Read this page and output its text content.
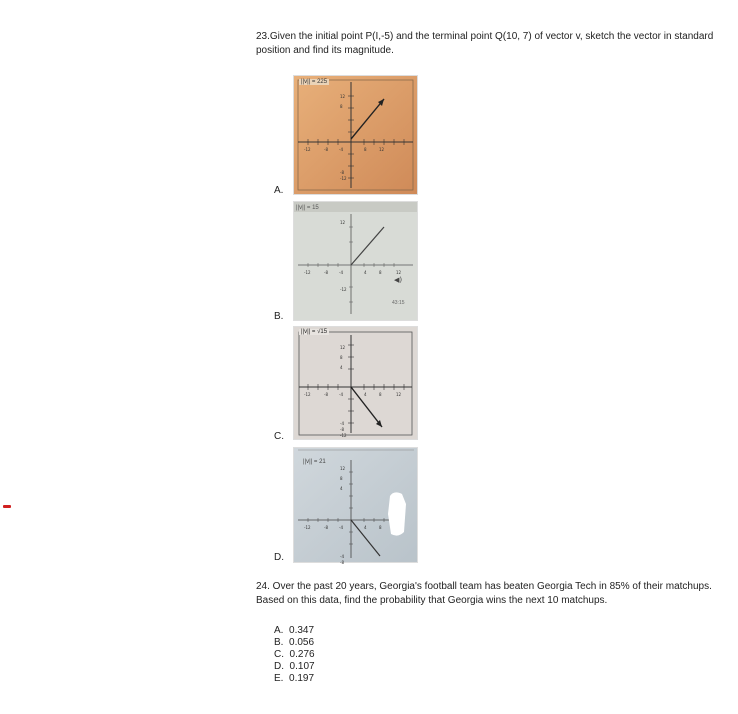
23.Given the initial point P(I,-5) and the terminal point Q(10, 7) of vector v, sketch the vector in standard position and find its magnitude.
-12	-8	-4	8	12
12
8
-8
-12
||v|| = 225
A.
◀)
-12	-8	-4	4	8	12
12
-12
||v|| = 15
43:15
B.
-12	-8	-4	4	8	12
12
8
4
-4
-8
-12
||v|| = √15
C.
-12	-8	-4	4	8
12
8
4
-4
-8
||v|| = 21
D.
24. Over the past 20 years, Georgia's football team has beaten Georgia Tech in 85% of their matchups. Based on this data, find the probability that Georgia wins the next 10 matchups.
A.  0.347
B.  0.056
C.  0.276
D.  0.107
E.  0.197
